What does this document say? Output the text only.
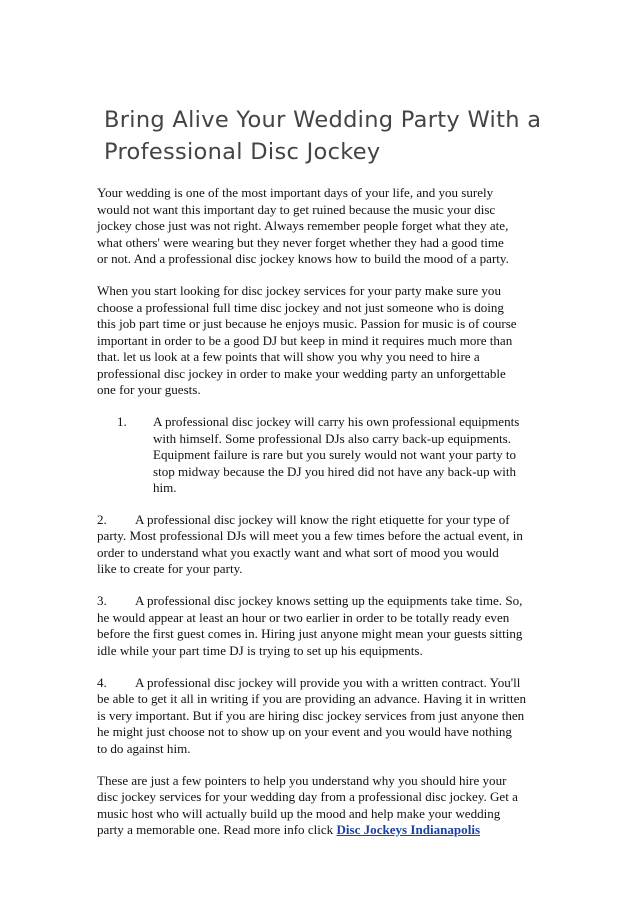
Bring Alive Your Wedding Party With a
Professional Disc Jockey

Your wedding is one of the most important days of your life, and you surely
would not want this important day to get ruined because the music your disc
jockey chose just was not right. Always remember people forget what they ate,
what others' were wearing but they never forget whether they had a good time
or not. And a professional disc jockey knows how to build the mood of a party.

When you start looking for disc jockey services for your party make sure you
choose a professional full time disc jockey and not just someone who is doing
this job part time or just because he enjoys music. Passion for music is of course
important in order to be a good DJ but keep in mind it requires much more than
that. let us look at a few points that will show you why you need to hire a
professional disc jockey in order to make your wedding party an unforgettable
one for your guests.

1. A professional disc jockey will carry his own professional equipments
with himself. Some professional DJs also carry back-up equipments.
Equipment failure is rare but you surely would not want your party to
stop midway because the DJ you hired did not have any back-up with
him.

2. A professional disc jockey will know the right etiquette for your type of
party. Most professional DJs will meet you a few times before the actual event, in
order to understand what you exactly want and what sort of mood you would
like to create for your party.

3. A professional disc jockey knows setting up the equipments take time. So,
he would appear at least an hour or two earlier in order to be totally ready even
before the first guest comes in. Hiring just anyone might mean your guests sitting
idle while your part time DJ is trying to set up his equipments.

4. A professional disc jockey will provide you with a written contract. You'll
be able to get it all in writing if you are providing an advance. Having it in written
is very important. But if you are hiring disc jockey services from just anyone then
he might just choose not to show up on your event and you would have nothing
to do against him.

These are just a few pointers to help you understand why you should hire your
disc jockey services for your wedding day from a professional disc jockey. Get a
music host who will actually build up the mood and help make your wedding
party a memorable one. Read more info click Disc Jockeys Indianapolis
